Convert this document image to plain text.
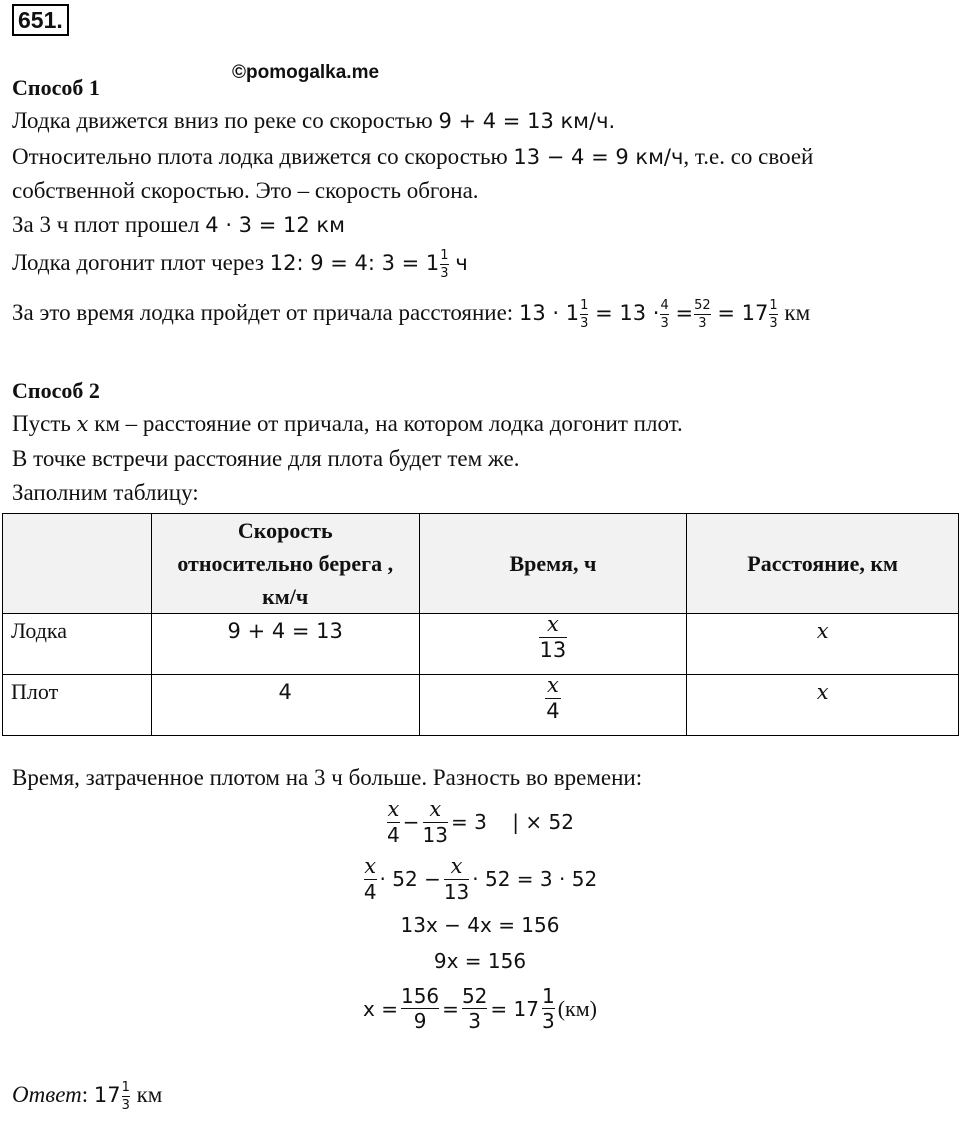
651.
©pomogalka.me
Способ 1
Лодка движется вниз по реке со скоростью 9 + 4 = 13 км/ч.
Относительно плота лодка движется со скоростью 13 − 4 = 9 км/ч, т.е. со своей
собственной скоростью. Это – скорость обгона.
За 3 ч плот прошел 4 · 3 = 12 км
Лодка догонит плот через 12: 9 = 4: $3 = 1 \frac{1}{3}$ ч
За это время лодка пройдет от причала расстояние: $13 \cdot 1 \frac{1}{3} = 13 \cdot \frac{4}{3} = \frac{52}{3} = 17 \frac{1}{3}$ км
Способ 2
Пусть x км – расстояние от причала, на котором лодка догонит плот.
В точке встречи расстояние для плота будет тем же.
Заполним таблицу:

	Скорость
относительно берега ,
км/ч	Время, ч	Расстояние, км
Лодка	9 + 4 = 13	$\frac{x}{13}$	x
Плот	4	$\frac{x}{4}$	x
Время, затраченное плотом на 3 ч больше. Разность во времени:
$\frac{x}{4} - \frac{x}{13} = 3$    | × 52
$\frac{x}{4} \cdot 52 - \frac{x}{13} \cdot 52 = 3 \cdot 52$
13x − 4x = 156
9x = 156
$x = \frac{156}{9} = \frac{52}{3} = 17 \frac{1}{3} (км)$
Ответ: $17 \frac{1}{3}$ км
